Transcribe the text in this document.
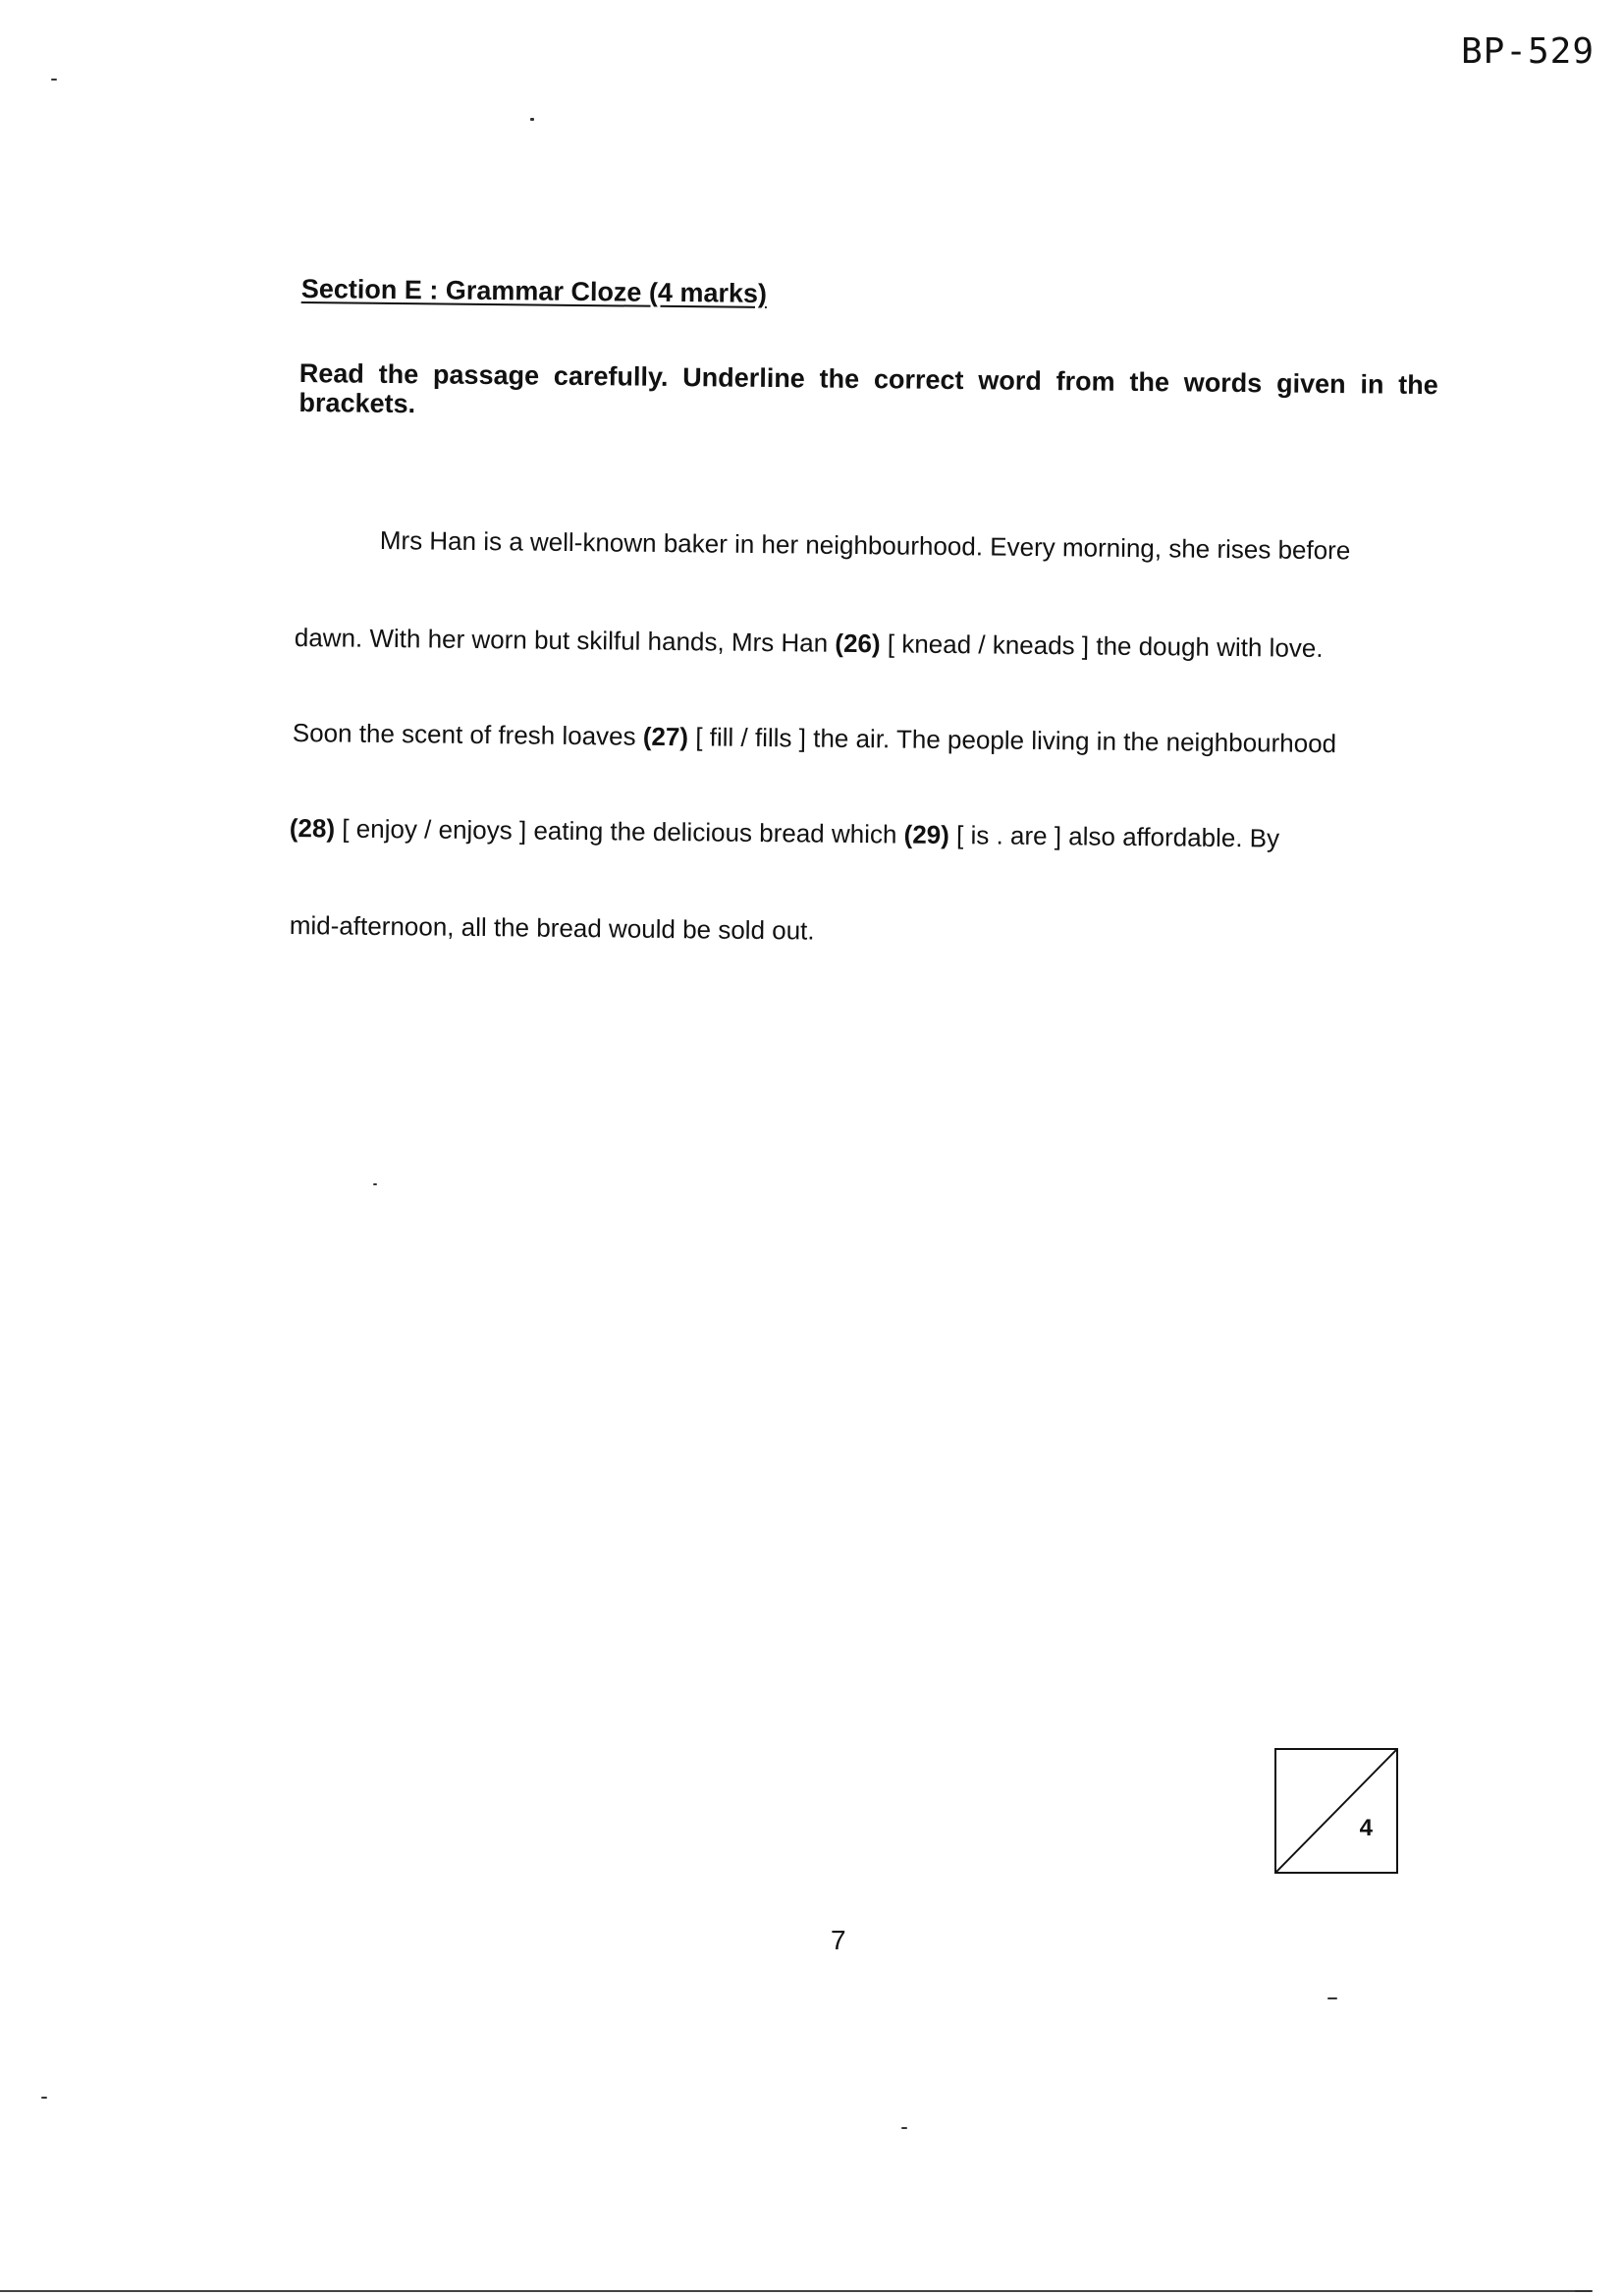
BP-529
Section E : Grammar Cloze (4 marks)
Read the passage carefully. Underline the correct word from the words given in the brackets.
Mrs Han is a well-known baker in her neighbourhood. Every morning, she rises before
dawn. With her worn but skilful hands, Mrs Han (26) [ knead / kneads ] the dough with love.
Soon the scent of fresh loaves (27) [ fill / fills ] the air. The people living in the neighbourhood
(28) [ enjoy / enjoys ] eating the delicious bread which (29) [ is . are ] also affordable. By
mid-afternoon, all the bread would be sold out.
4
7
